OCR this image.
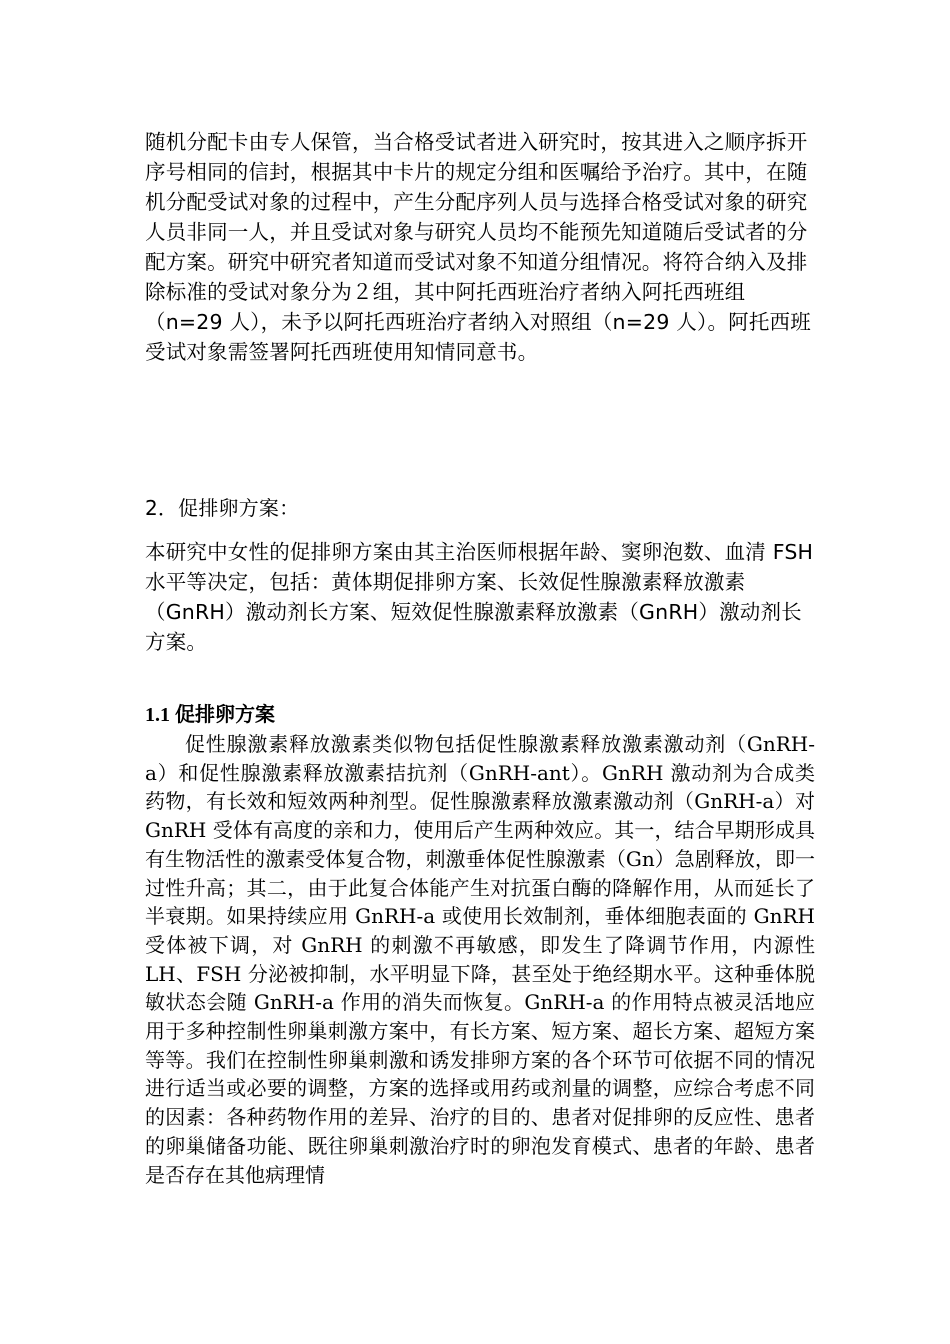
随机分配卡由专人保管，当合格受试者进入研究时，按其进入之顺序拆开序号相同的信封，根据其中卡片的规定分组和医嘱给予治疗。其中，在随机分配受试对象的过程中，产生分配序列人员与选择合格受试对象的研究人员非同一人，并且受试对象与研究人员均不能预先知道随后受试者的分配方案。研究中研究者知道而受试对象不知道分组情况。将符合纳入及排除标准的受试对象分为２组，其中阿托西班治疗者纳入阿托西班组（n=29 人），未予以阿托西班治疗者纳入对照组（n=29 人）。阿托西班受试对象需签署阿托西班使用知情同意书。
2．促排卵方案：
本研究中女性的促排卵方案由其主治医师根据年龄、窦卵泡数、血清 FSH 水平等决定，包括：黄体期促排卵方案、长效促性腺激素释放激素（GnRH）激动剂长方案、短效促性腺激素释放激素（GnRH）激动剂长方案。
1.1 促排卵方案
促性腺激素释放激素类似物包括促性腺激素释放激素激动剂（GnRH-a）和促性腺激素释放激素拮抗剂（GnRH-ant）。GnRH 激动剂为合成类药物，有长效和短效两种剂型。促性腺激素释放激素激动剂（GnRH-a）对 GnRH 受体有高度的亲和力，使用后产生两种效应。其一，结合早期形成具有生物活性的激素受体复合物，刺激垂体促性腺激素（Gn）急剧释放，即一过性升高；其二，由于此复合体能产生对抗蛋白酶的降解作用，从而延长了半衰期。如果持续应用 GnRH-a 或使用长效制剂，垂体细胞表面的 GnRH 受体被下调，对 GnRH 的刺激不再敏感，即发生了降调节作用，内源性 LH、FSH 分泌被抑制，水平明显下降，甚至处于绝经期水平。这种垂体脱敏状态会随 GnRH-a 作用的消失而恢复。GnRH-a 的作用特点被灵活地应用于多种控制性卵巢刺激方案中，有长方案、短方案、超长方案、超短方案等等。我们在控制性卵巢刺激和诱发排卵方案的各个环节可依据不同的情况进行适当或必要的调整，方案的选择或用药或剂量的调整，应综合考虑不同的因素：各种药物作用的差异、治疗的目的、患者对促排卵的反应性、患者的卵巢储备功能、既往卵巢刺激治疗时的卵泡发育模式、患者的年龄、患者是否存在其他病理情
